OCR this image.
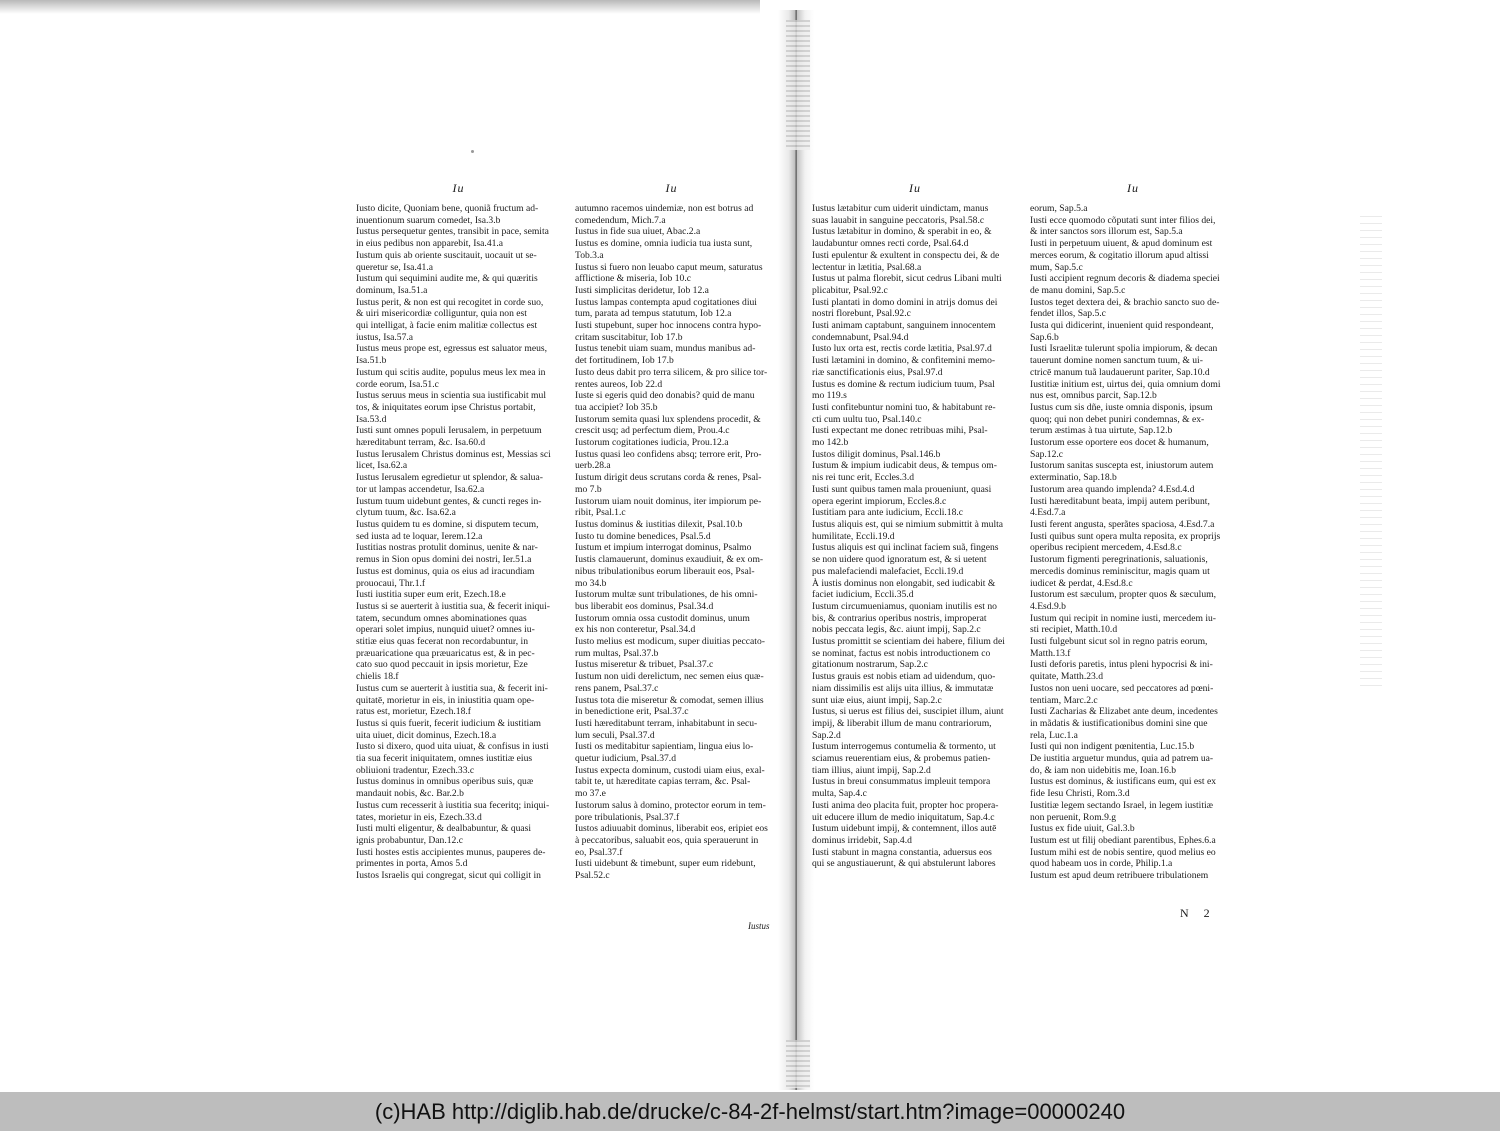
Iu
Iusto dicite, Quoniam bene, quoniã fructum ad-
inuentionum suarum comedet, Isa.3.b
Iustus persequetur gentes, transibit in pace, semita
in eius pedibus non apparebit, Isa.41.a
Iustum quis ab oriente suscitauit, uocauit ut se-
queretur se, Isa.41.a
Iustum qui sequimini audite me, & qui quæritis
dominum, Isa.51.a
Iustus perit, & non est qui recogitet in corde suo,
& uiri misericordiæ colliguntur, quia non est
qui intelligat, à facie enim malitiæ collectus est
iustus, Isa.57.a
Iustus meus prope est, egressus est saluator meus,
Isa.51.b
Iustum qui scitis audite, populus meus lex mea in
corde eorum, Isa.51.c
Iustus seruus meus in scientia sua iustificabit mul
tos, & iniquitates eorum ipse Christus portabit,
Isa.53.d
Iusti sunt omnes populi Ierusalem, in perpetuum
hæreditabunt terram, &c. Isa.60.d
Iustus Ierusalem Christus dominus est, Messias sci
licet, Isa.62.a
Iustus Ierusalem egredietur ut splendor, & salua-
tor ut lampas accendetur, Isa.62.a
Iustum tuum uidebunt gentes, & cuncti reges in-
clytum tuum, &c. Isa.62.a
Iustus quidem tu es domine, si disputem tecum,
sed iusta ad te loquar, Ierem.12.a
Iustitias nostras protulit dominus, uenite & nar-
remus in Sion opus domini dei nostri, Ier.51.a
Iustus est dominus, quia os eius ad iracundiam
prouocaui, Thr.1.f
Iusti iustitia super eum erit, Ezech.18.e
Iustus si se auerterit à iustitia sua, & fecerit iniqui-
tatem, secundum omnes abominationes quas
operari solet impius, nunquid uiuet? omnes iu-
stitiæ eius quas fecerat non recordabuntur, in
præuaricatione qua præuaricatus est, & in pec-
cato suo quod peccauit in ipsis morietur, Eze
chielis 18.f
Iustus cum se auerterit à iustitia sua, & fecerit ini-
quitatē, morietur in eis, in iniustitia quam ope-
ratus est, morietur, Ezech.18.f
Iustus si quis fuerit, fecerit iudicium & iustitiam
uita uiuet, dicit dominus, Ezech.18.a
Iusto si dixero, quod uita uiuat, & confisus in iusti
tia sua fecerit iniquitatem, omnes iustitiæ eius
obliuioni tradentur, Ezech.33.c
Iustus dominus in omnibus operibus suis, quæ
mandauit nobis, &c. Bar.2.b
Iustus cum recesserit à iustitia sua feceritq; iniqui-
tates, morietur in eis, Ezech.33.d
Iusti multi eligentur, & dealbabuntur, & quasi
ignis probabuntur, Dan.12.c
Iusti hostes estis accipientes munus, pauperes de-
primentes in porta, Amos 5.d
Iustos Israelis qui congregat, sicut qui colligit in
Iu
autumno racemos uindemiæ, non est botrus ad
comedendum, Mich.7.a
Iustus in fide sua uiuet, Abac.2.a
Iustus es domine, omnia iudicia tua iusta sunt,
Tob.3.a
Iustus si fuero non leuabo caput meum, saturatus
afflictione & miseria, Iob 10.c
Iusti simplicitas deridetur, Iob 12.a
Iustus lampas contempta apud cogitationes diui
tum, parata ad tempus statutum, Iob 12.a
Iusti stupebunt, super hoc innocens contra hypo-
critam suscitabitur, Iob 17.b
Iustus tenebit uiam suam, mundus manibus ad-
det fortitudinem, Iob 17.b
Iusto deus dabit pro terra silicem, & pro silice tor-
rentes aureos, Iob 22.d
Iuste si egeris quid deo donabis? quid de manu
tua accipiet? Iob 35.b
Iustorum semita quasi lux splendens procedit, &
crescit usq; ad perfectum diem, Prou.4.c
Iustorum cogitationes iudicia, Prou.12.a
Iustus quasi leo confidens absq; terrore erit, Pro-
uerb.28.a
Iustum dirigit deus scrutans corda & renes, Psal-
mo 7.b
Iustorum uiam nouit dominus, iter impiorum pe-
ribit, Psal.1.c
Iustus dominus & iustitias dilexit, Psal.10.b
Iusto tu domine benedices, Psal.5.d
Iustum et impium interrogat dominus, Psalmo
Iustis clamauerunt, dominus exaudiuit, & ex om-
nibus tribulationibus eorum liberauit eos, Psal-
mo 34.b
Iustorum multæ sunt tribulationes, de his omni-
bus liberabit eos dominus, Psal.34.d
Iustorum omnia ossa custodit dominus, unum
ex his non conteretur, Psal.34.d
Iusto melius est modicum, super diuitias peccato-
rum multas, Psal.37.b
Iustus miseretur & tribuet, Psal.37.c
Iustum non uidi derelictum, nec semen eius quæ-
rens panem, Psal.37.c
Iustus tota die miseretur & comodat, semen illius
in benedictione erit, Psal.37.c
Iusti hæreditabunt terram, inhabitabunt in secu-
lum seculi, Psal.37.d
Iusti os meditabitur sapientiam, lingua eius lo-
quetur iudicium, Psal.37.d
Iustus expecta dominum, custodi uiam eius, exal-
tabit te, ut hæreditate capias terram, &c. Psal-
mo 37.e
Iustorum salus à domino, protector eorum in tem-
pore tribulationis, Psal.37.f
Iustos adiuuabit dominus, liberabit eos, eripiet eos
à peccatoribus, saluabit eos, quia sperauerunt in
eo, Psal.37.f
Iusti uidebunt & timebunt, super eum ridebunt,
Psal.52.c
Iustus
Iu
Iustus lætabitur cum uiderit uindictam, manus
suas lauabit in sanguine peccatoris, Psal.58.c
Iustus lætabitur in domino, & sperabit in eo, &
laudabuntur omnes recti corde, Psal.64.d
Iusti epulentur & exultent in conspectu dei, & de
lectentur in lætitia, Psal.68.a
Iustus ut palma florebit, sicut cedrus Libani multi
plicabitur, Psal.92.c
Iusti plantati in domo domini in atrijs domus dei
nostri florebunt, Psal.92.c
Iusti animam captabunt, sanguinem innocentem
condemnabunt, Psal.94.d
Iusto lux orta est, rectis corde lætitia, Psal.97.d
Iusti lætamini in domino, & confitemini memo-
riæ sanctificationis eius, Psal.97.d
Iustus es domine & rectum iudicium tuum, Psal
mo 119.s
Iusti confitebuntur nomini tuo, & habitabunt re-
cti cum uultu tuo, Psal.140.c
Iusti expectant me donec retribuas mihi, Psal-
mo 142.b
Iustos diligit dominus, Psal.146.b
Iustum & impium iudicabit deus, & tempus om-
nis rei tunc erit, Eccles.3.d
Iusti sunt quibus tamen mala proueniunt, quasi
opera egerint impiorum, Eccles.8.c
Iustitiam para ante iudicium, Eccli.18.c
Iustus aliquis est, qui se nimium submittit à multa
humilitate, Eccli.19.d
Iustus aliquis est qui inclinat faciem suã, fingens
se non uidere quod ignoratum est, & si uetent
pus malefaciendi malefaciet, Eccli.19.d
À iustis dominus non elongabit, sed iudicabit &
faciet iudicium, Eccli.35.d
Iustum circumueniamus, quoniam inutilis est no
bis, & contrarius operibus nostris, improperat
nobis peccata legis, &c. aiunt impij, Sap.2.c
Iustus promittit se scientiam dei habere, filium dei
se nominat, factus est nobis introductionem co
gitationum nostrarum, Sap.2.c
Iustus grauis est nobis etiam ad uidendum, quo-
niam dissimilis est alijs uita illius, & immutatæ
sunt uiæ eius, aiunt impij, Sap.2.c
Iustus, si uerus est filius dei, suscipiet illum, aiunt
impij, & liberabit illum de manu contrariorum,
Sap.2.d
Iustum interrogemus contumelia & tormento, ut
sciamus reuerentiam eius, & probemus patien-
tiam illius, aiunt impij, Sap.2.d
Iustus in breui consummatus impleuit tempora
multa, Sap.4.c
Iusti anima deo placita fuit, propter hoc propera-
uit educere illum de medio iniquitatum, Sap.4.c
Iustum uidebunt impij, & contemnent, illos autē
dominus irridebit, Sap.4.d
Iusti stabunt in magna constantia, aduersus eos
qui se angustiauerunt, & qui abstulerunt labores
Iu
eorum, Sap.5.a
Iusti ecce quomodo cõputati sunt inter filios dei,
& inter sanctos sors illorum est, Sap.5.a
Iusti in perpetuum uiuent, & apud dominum est
merces eorum, & cogitatio illorum apud altissi
mum, Sap.5.c
Iusti accipient regnum decoris & diadema speciei
de manu domini, Sap.5.c
Iustos teget dextera dei, & brachio sancto suo de-
fendet illos, Sap.5.c
Iusta qui didicerint, inuenient quid respondeant,
Sap.6.b
Iusti Israelitæ tulerunt spolia impiorum, & decan
tauerunt domine nomen sanctum tuum, & ui-
ctricē manum tuã laudauerunt pariter, Sap.10.d
Iustitiæ initium est, uirtus dei, quia omnium domi
nus est, omnibus parcit, Sap.12.b
Iustus cum sis dñe, iuste omnia disponis, ipsum
quoq; qui non debet puniri condemnas, & ex-
terum æstimas à tua uirtute, Sap.12.b
Iustorum esse oportere eos docet & humanum,
Sap.12.c
Iustorum sanitas suscepta est, iniustorum autem
exterminatio, Sap.18.b
Iustorum area quando implenda? 4.Esd.4.d
Iusti hæreditabunt beata, impij autem peribunt,
4.Esd.7.a
Iusti ferent angusta, sperãtes spaciosa, 4.Esd.7.a
Iusti quibus sunt opera multa reposita, ex proprijs
operibus recipient mercedem, 4.Esd.8.c
Iustorum figmenti peregrinationis, saluationis,
mercedis dominus reminiscitur, magis quam ut
iudicet & perdat, 4.Esd.8.c
Iustorum est sæculum, propter quos & sæculum,
4.Esd.9.b
Iustum qui recipit in nomine iusti, mercedem iu-
sti recipiet, Matth.10.d
Iusti fulgebunt sicut sol in regno patris eorum,
Matth.13.f
Iusti deforis paretis, intus pleni hypocrisi & ini-
quitate, Matth.23.d
Iustos non ueni uocare, sed peccatores ad pœni-
tentiam, Marc.2.c
Iusti Zacharias & Elizabet ante deum, incedentes
in mãdatis & iustificationibus domini sine que
rela, Luc.1.a
Iusti qui non indigent pœnitentia, Luc.15.b
De iustitia arguetur mundus, quia ad patrem ua-
do, & iam non uidebitis me, Ioan.16.b
Iustus est dominus, & iustificans eum, qui est ex
fide Iesu Christi, Rom.3.d
Iustitiæ legem sectando Israel, in legem iustitiæ
non peruenit, Rom.9.g
Iustus ex fide uiuit, Gal.3.b
Iustum est ut filij obediant parentibus, Ephes.6.a
Iustum mihi est de nobis sentire, quod melius eo
quod habeam uos in corde, Philip.1.a
Iustum est apud deum retribuere tribulationem
N 2
(c)HAB http://diglib.hab.de/drucke/c-84-2f-helmst/start.htm?image=00000240
